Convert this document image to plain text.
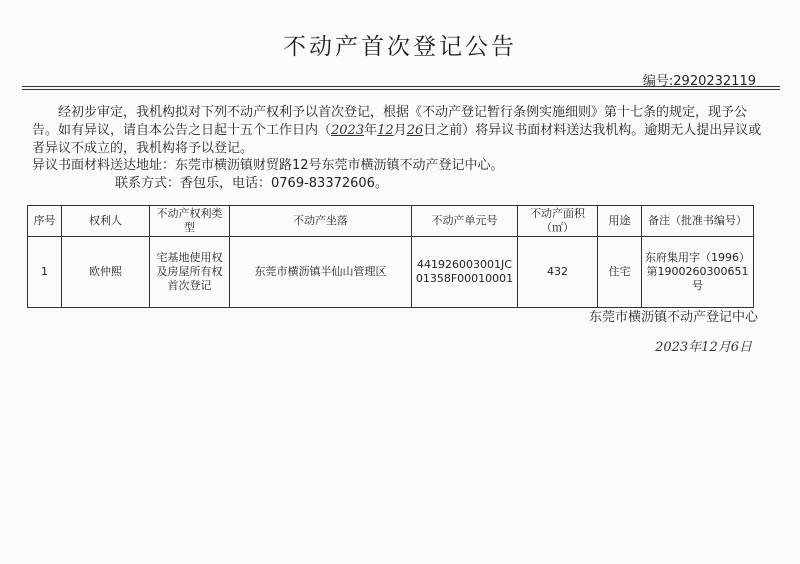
不动产首次登记公告
编号:2920232119
经初步审定，我机构拟对下列不动产权利予以首次登记，根据《不动产登记暂行条例实施细则》第十七条的规定，现予公告。如有异议，请自本公告之日起十五个工作日内（2023年12月26日之前）将异议书面材料送达我机构。逾期无人提出异议或者异议不成立的，我机构将予以登记。
异议书面材料送达地址：东莞市横沥镇财贸路12号东莞市横沥镇不动产登记中心。
联系方式：香包乐，电话：0769-83372606。
序号	权利人	不动产权利类型	不动产坐落	不动产单元号	不动产面积（㎡）	用途	备注（批准书编号）
1	欧仲熙	宅基地使用权及房屋所有权首次登记	东莞市横沥镇半仙山管理区	441926003001JC01358F00010001	432	住宅	东府集用字（1996）第1900260300651号
东莞市横沥镇不动产登记中心
2023年12月6日
